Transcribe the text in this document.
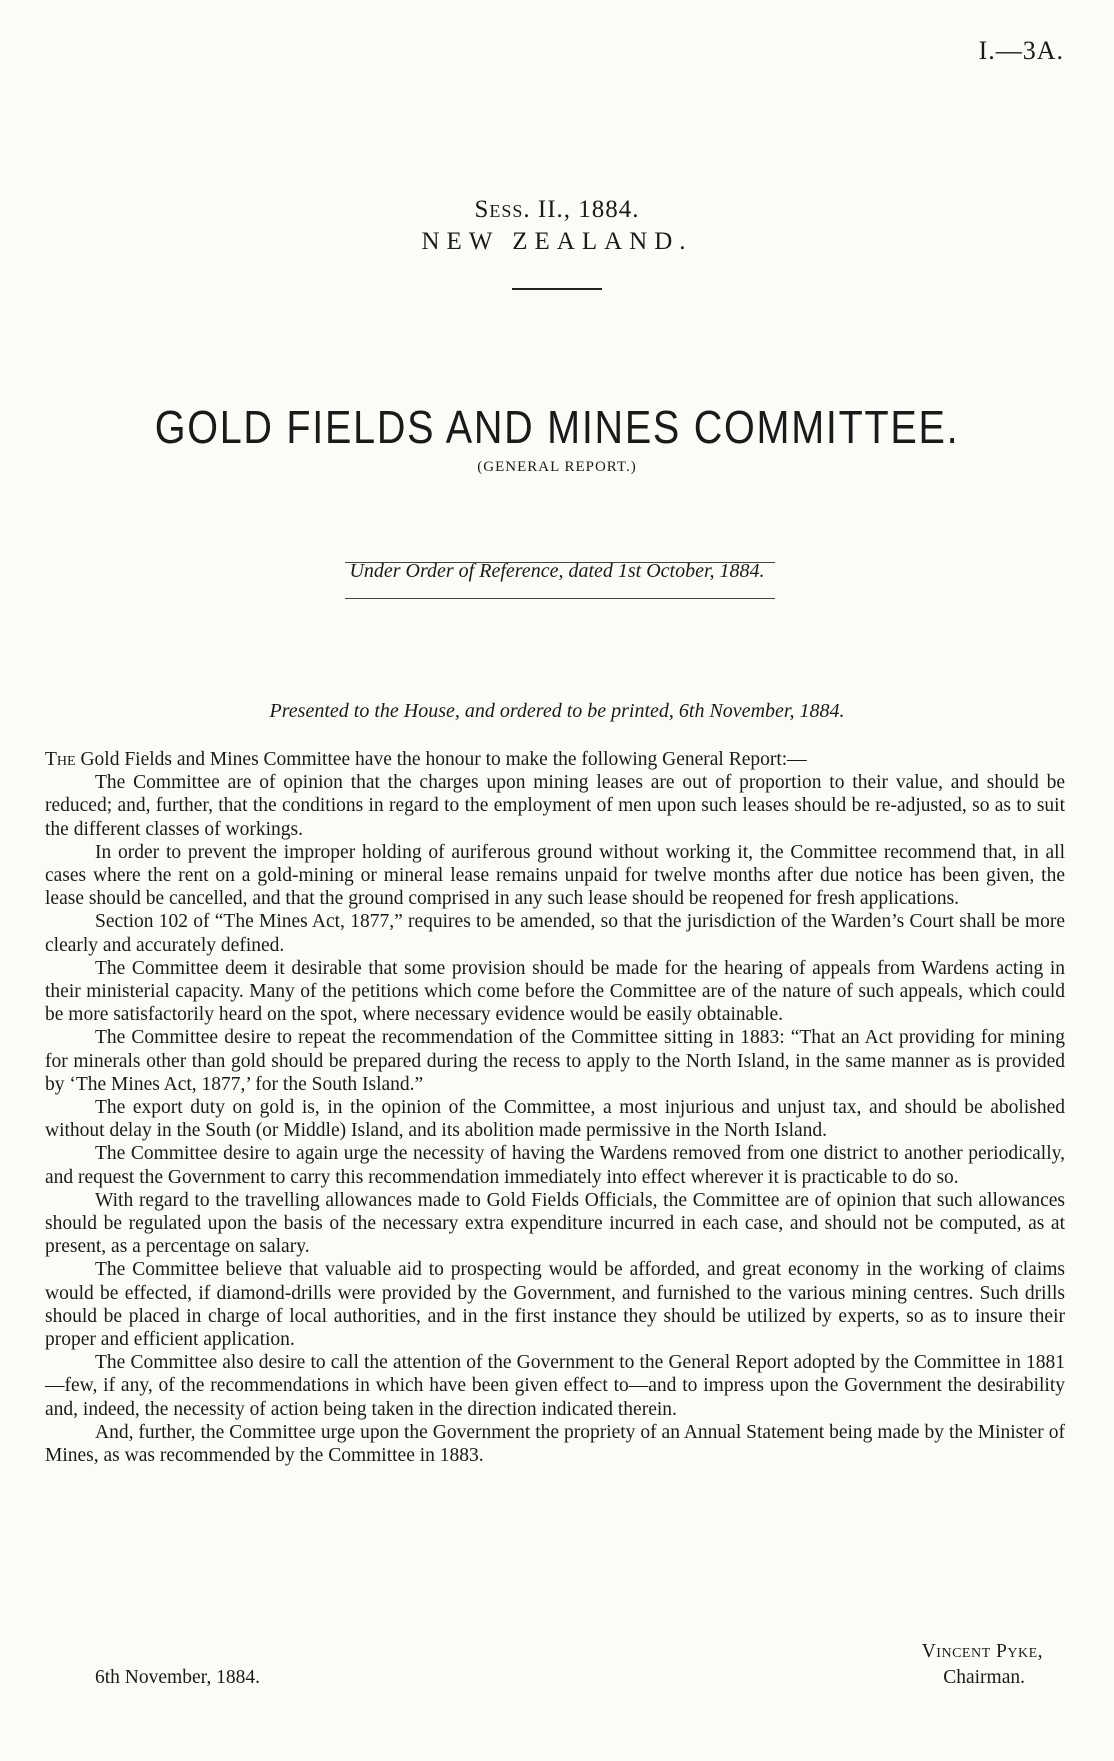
I.—3A.
Sess. II., 1884.
NEW ZEALAND.
GOLD FIELDS AND MINES COMMITTEE.
(GENERAL REPORT.)
Under Order of Reference, dated 1st October, 1884.
Presented to the House, and ordered to be printed, 6th November, 1884.

The Gold Fields and Mines Committee have the honour to make the following General Report:—

The Committee are of opinion that the charges upon mining leases are out of proportion to their value, and should be reduced; and, further, that the conditions in regard to the employment of men upon such leases should be re-adjusted, so as to suit the different classes of workings.

In order to prevent the improper holding of auriferous ground without working it, the Committee recommend that, in all cases where the rent on a gold-mining or mineral lease remains unpaid for twelve months after due notice has been given, the lease should be cancelled, and that the ground comprised in any such lease should be reopened for fresh applications.

Section 102 of “The Mines Act, 1877,” requires to be amended, so that the jurisdiction of the Warden’s Court shall be more clearly and accurately defined.

The Committee deem it desirable that some provision should be made for the hearing of appeals from Wardens acting in their ministerial capacity. Many of the petitions which come before the Committee are of the nature of such appeals, which could be more satisfactorily heard on the spot, where necessary evidence would be easily obtainable.

The Committee desire to repeat the recommendation of the Committee sitting in 1883: “That an Act providing for mining for minerals other than gold should be prepared during the recess to apply to the North Island, in the same manner as is provided by ‘The Mines Act, 1877,’ for the South Island.”

The export duty on gold is, in the opinion of the Committee, a most injurious and unjust tax, and should be abolished without delay in the South (or Middle) Island, and its abolition made permissive in the North Island.

The Committee desire to again urge the necessity of having the Wardens removed from one district to another periodically, and request the Government to carry this recommendation immediately into effect wherever it is practicable to do so.

With regard to the travelling allowances made to Gold Fields Officials, the Committee are of opinion that such allowances should be regulated upon the basis of the necessary extra expenditure incurred in each case, and should not be computed, as at present, as a percentage on salary.

The Committee believe that valuable aid to prospecting would be afforded, and great economy in the working of claims would be effected, if diamond-drills were provided by the Government, and furnished to the various mining centres. Such drills should be placed in charge of local authorities, and in the first instance they should be utilized by experts, so as to insure their proper and efficient application.

The Committee also desire to call the attention of the Government to the General Report adopted by the Committee in 1881—few, if any, of the recommendations in which have been given effect to—and to impress upon the Government the desirability and, indeed, the necessity of action being taken in the direction indicated therein.

And, further, the Committee urge upon the Government the propriety of an Annual Statement being made by the Minister of Mines, as was recommended by the Committee in 1883.

Vincent Pyke,
Chairman.
6th November, 1884.
